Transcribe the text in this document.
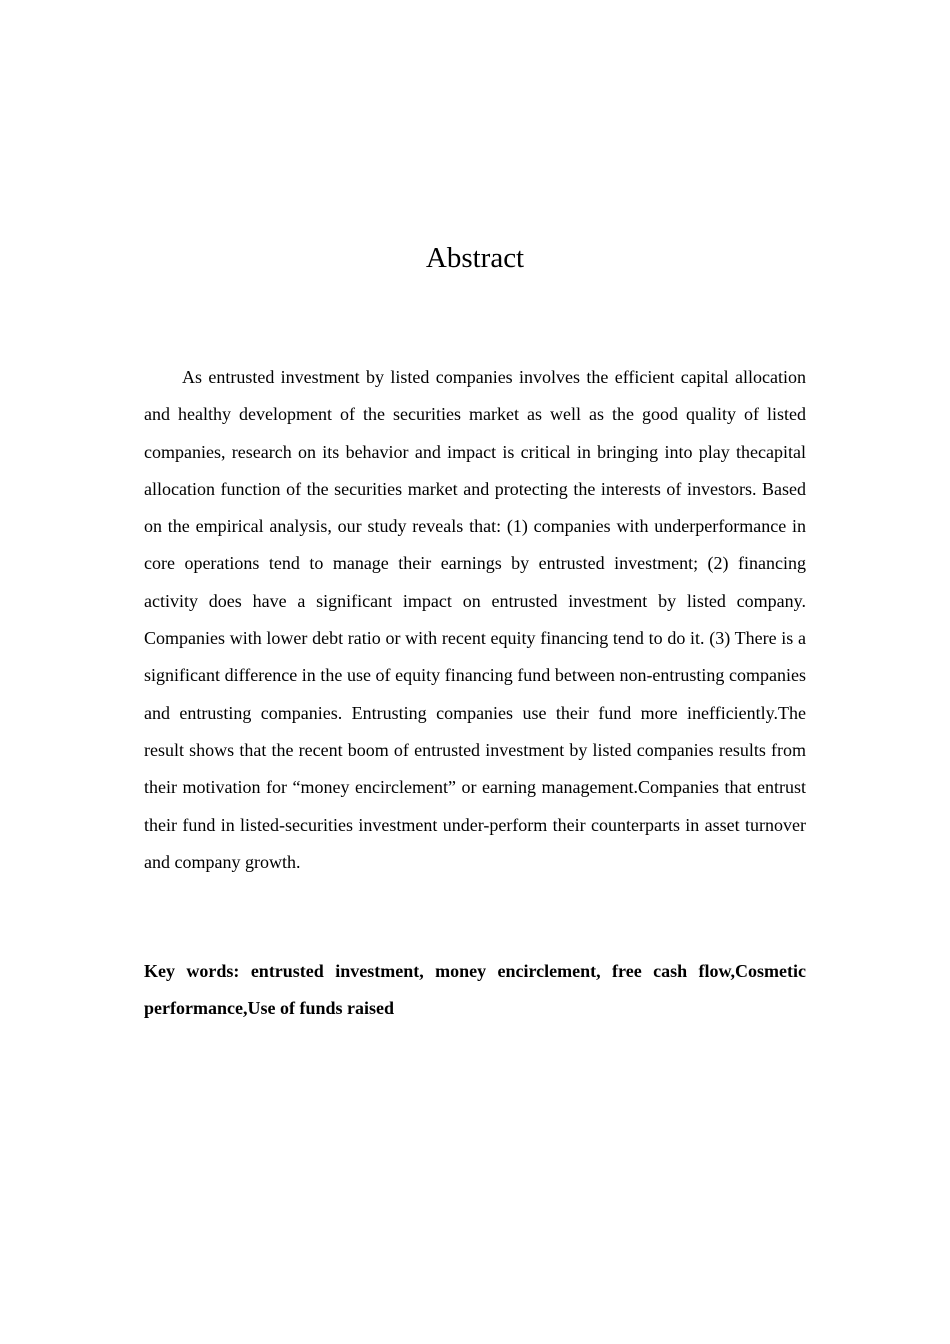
Abstract

As entrusted investment by listed companies involves the efficient capital allocation and healthy development of the securities market as well as the good quality of listed companies, research on its behavior and impact is critical in bringing into play thecapital allocation function of the securities market and protecting the interests of investors. Based on the empirical analysis, our study reveals that: (1) companies with underperformance in core operations tend to manage their earnings by entrusted investment; (2) financing activity does have a significant impact on entrusted investment by listed company. Companies with lower debt ratio or with recent equity financing tend to do it. (3) There is a significant difference in the use of equity financing fund between non-entrusting companies and entrusting companies. Entrusting companies use their fund more inefficiently.The result shows that the recent boom of entrusted investment by listed companies results from their motivation for “money encirclement” or earning management.Companies that entrust their fund in listed-securities investment under-perform their counterparts in asset turnover and company growth.

Key words: entrusted investment, money encirclement, free cash flow,Cosmetic performance,Use of funds raised
